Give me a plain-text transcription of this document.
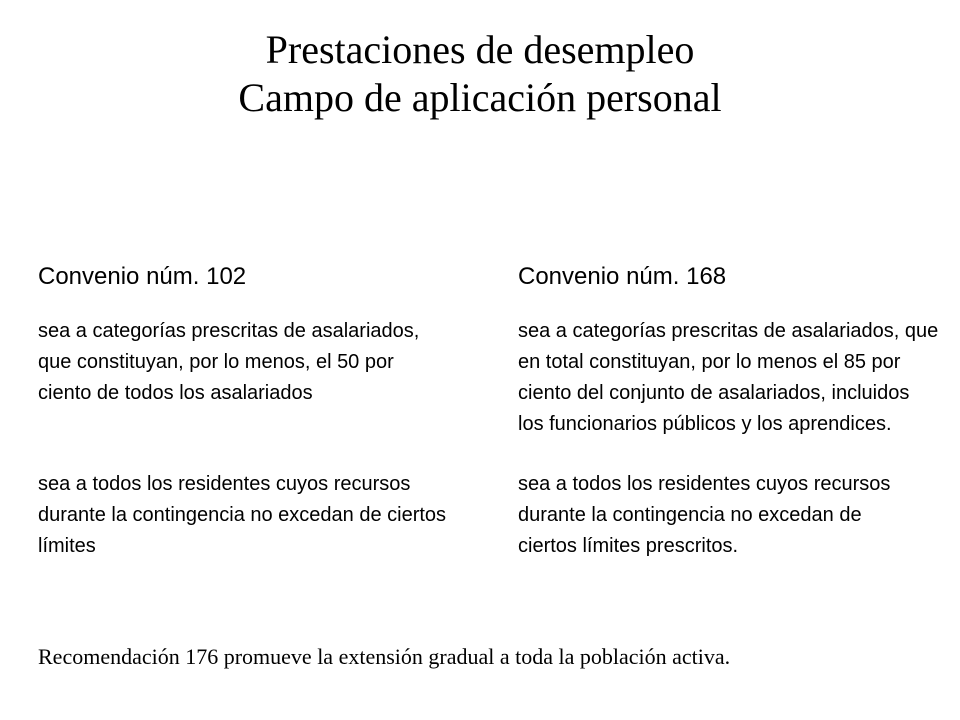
Prestaciones de desempleo
Campo de aplicación personal
Convenio núm. 102

sea a categorías prescritas de asalariados,
que constituyan, por lo menos, el 50 por
ciento de todos los asalariados

sea a todos los residentes cuyos recursos
durante la contingencia no excedan de ciertos
límites

Convenio núm. 168

sea a categorías prescritas de asalariados, que
en total constituyan, por lo menos el 85 por
ciento del conjunto de asalariados, incluidos
los funcionarios públicos y los aprendices.

sea a todos los residentes cuyos recursos
durante la contingencia no excedan de
ciertos límites prescritos.

Recomendación 176 promueve la extensión gradual a toda la población activa.
